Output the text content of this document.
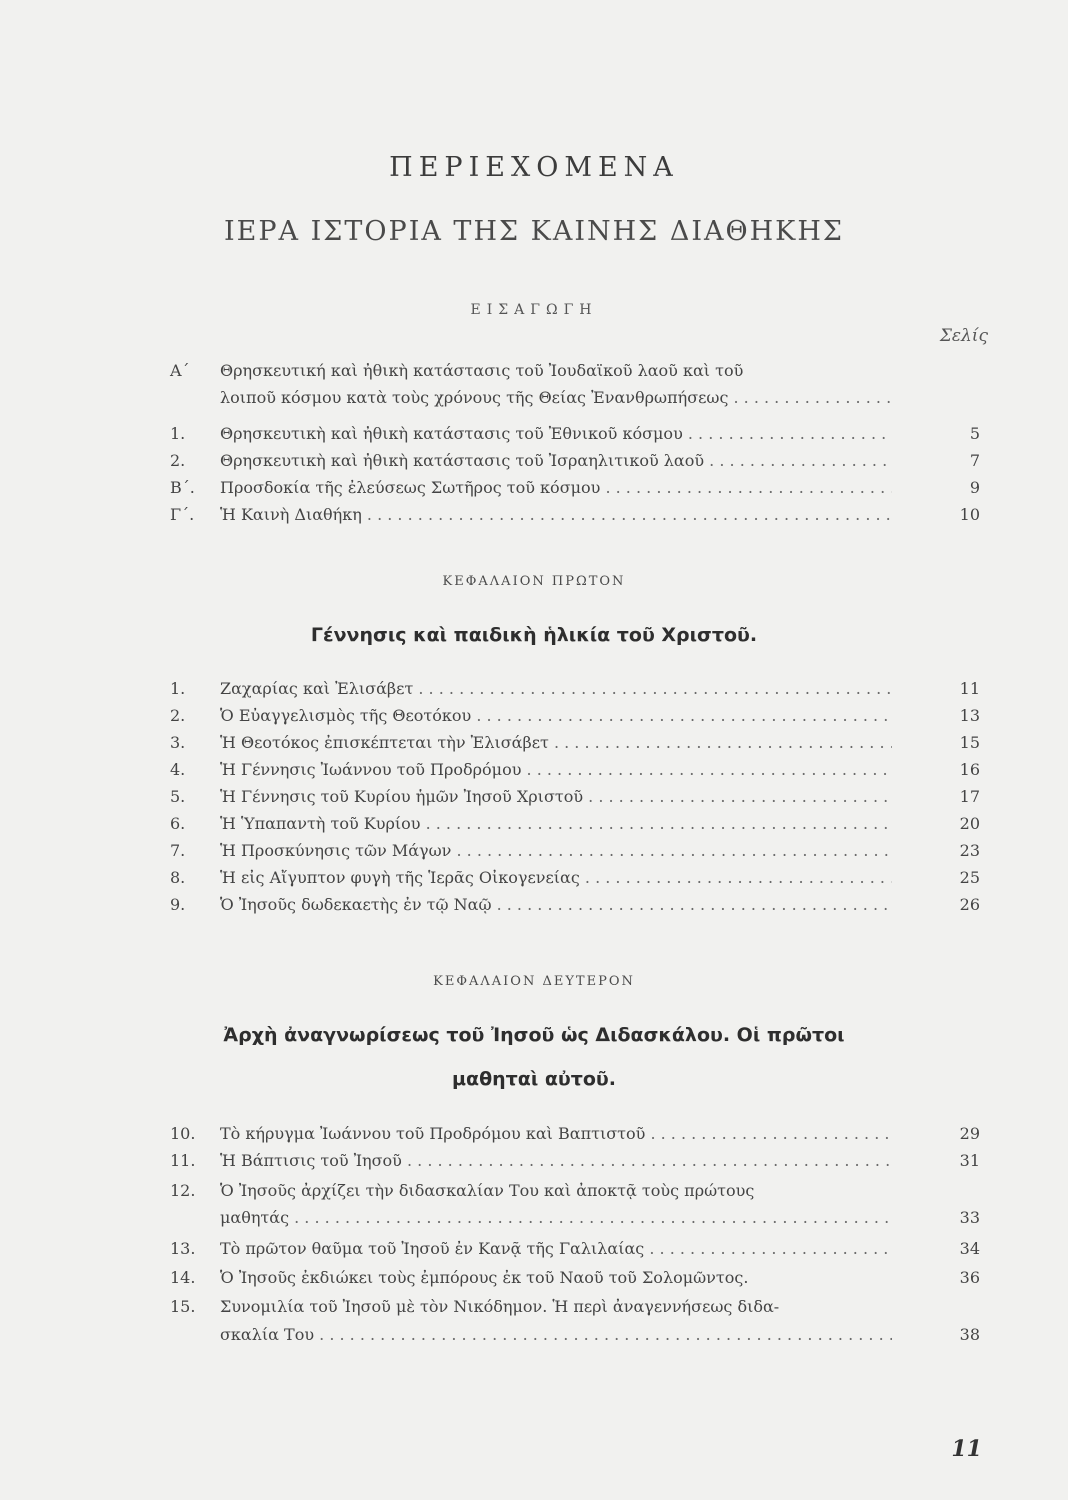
ΠΕΡΙΕΧΟΜΕΝΑ
ΙΕΡΑ ΙΣΤΟΡΙΑ ΤΗΣ ΚΑΙΝΗΣ ΔΙΑΘΗΚΗΣ
ΕΙΣΑΓΩΓΗ
Σελίς
Α΄	Θρησκευτική καὶ ἠθικὴ κατάστασις τοῦ Ἰουδαϊκοῦ λαοῦ καὶ τοῦ
λοιποῦ κόσμου κατὰ τοὺς χρόνους τῆς Θείας Ἐνανθρωπήσεως . . .
1.	Θρησκευτικὴ καὶ ἠθικὴ κατάστασις τοῦ Ἐθνικοῦ κόσμου . . .	5
2.	Θρησκευτικὴ καὶ ἠθικὴ κατάστασις τοῦ Ἰσραηλιτικοῦ λαοῦ . . .	7
Β΄.	Προσδοκία τῆς ἐλεύσεως Σωτῆρος τοῦ κόσμου . . .	9
Γ΄.	Ἡ Καινὴ Διαθήκη . . .	10
ΚΕΦΑΛΑΙΟΝ ΠΡΩΤΟΝ
Γέννησις καὶ παιδικὴ ἡλικία τοῦ Χριστοῦ.
1.	Ζαχαρίας καὶ Ἐλισάβετ . . .	11
2.	Ὁ Εὐαγγελισμὸς τῆς Θεοτόκου . . .	13
3.	Ἡ Θεοτόκος ἐπισκέπτεται τὴν Ἐλισάβετ . . .	15
4.	Ἡ Γέννησις Ἰωάννου τοῦ Προδρόμου . . .	16
5.	Ἡ Γέννησις τοῦ Κυρίου ἡμῶν Ἰησοῦ Χριστοῦ . . .	17
6.	Ἡ Ὑπαπαντὴ τοῦ Κυρίου . . .	20
7.	Ἡ Προσκύνησις τῶν Μάγων . . .	23
8.	Ἡ εἰς Αἴγυπτον φυγὴ τῆς Ἱερᾶς Οἰκογενείας . . .	25
9.	Ὁ Ἰησοῦς δωδεκαετὴς ἐν τῷ Ναῷ . . .	26
ΚΕΦΑΛΑΙΟΝ ΔΕΥΤΕΡΟΝ
Ἀρχὴ ἀναγνωρίσεως τοῦ Ἰησοῦ ὡς Διδασκάλου. Οἱ πρῶτοι
μαθηταὶ αὐτοῦ.
10.	Τὸ κήρυγμα Ἰωάννου τοῦ Προδρόμου καὶ Βαπτιστοῦ . . .	29
11.	Ἡ Βάπτισις τοῦ Ἰησοῦ . . .	31
12.	Ὁ Ἰησοῦς ἀρχίζει τὴν διδασκαλίαν Του καὶ ἀποκτᾷ τοὺς πρώτους
μαθητάς . . .	33
13.	Τὸ πρῶτον θαῦμα τοῦ Ἰησοῦ ἐν Κανᾷ τῆς Γαλιλαίας . . .	34
14.	Ὁ Ἰησοῦς ἐκδιώκει τοὺς ἐμπόρους ἐκ τοῦ Ναοῦ τοῦ Σολομῶντος.	36
15.	Συνομιλία τοῦ Ἰησοῦ μὲ τὸν Νικόδημον. Ἡ περὶ ἀναγεννήσεως διδα-
σκαλία Του . . .	38
11
